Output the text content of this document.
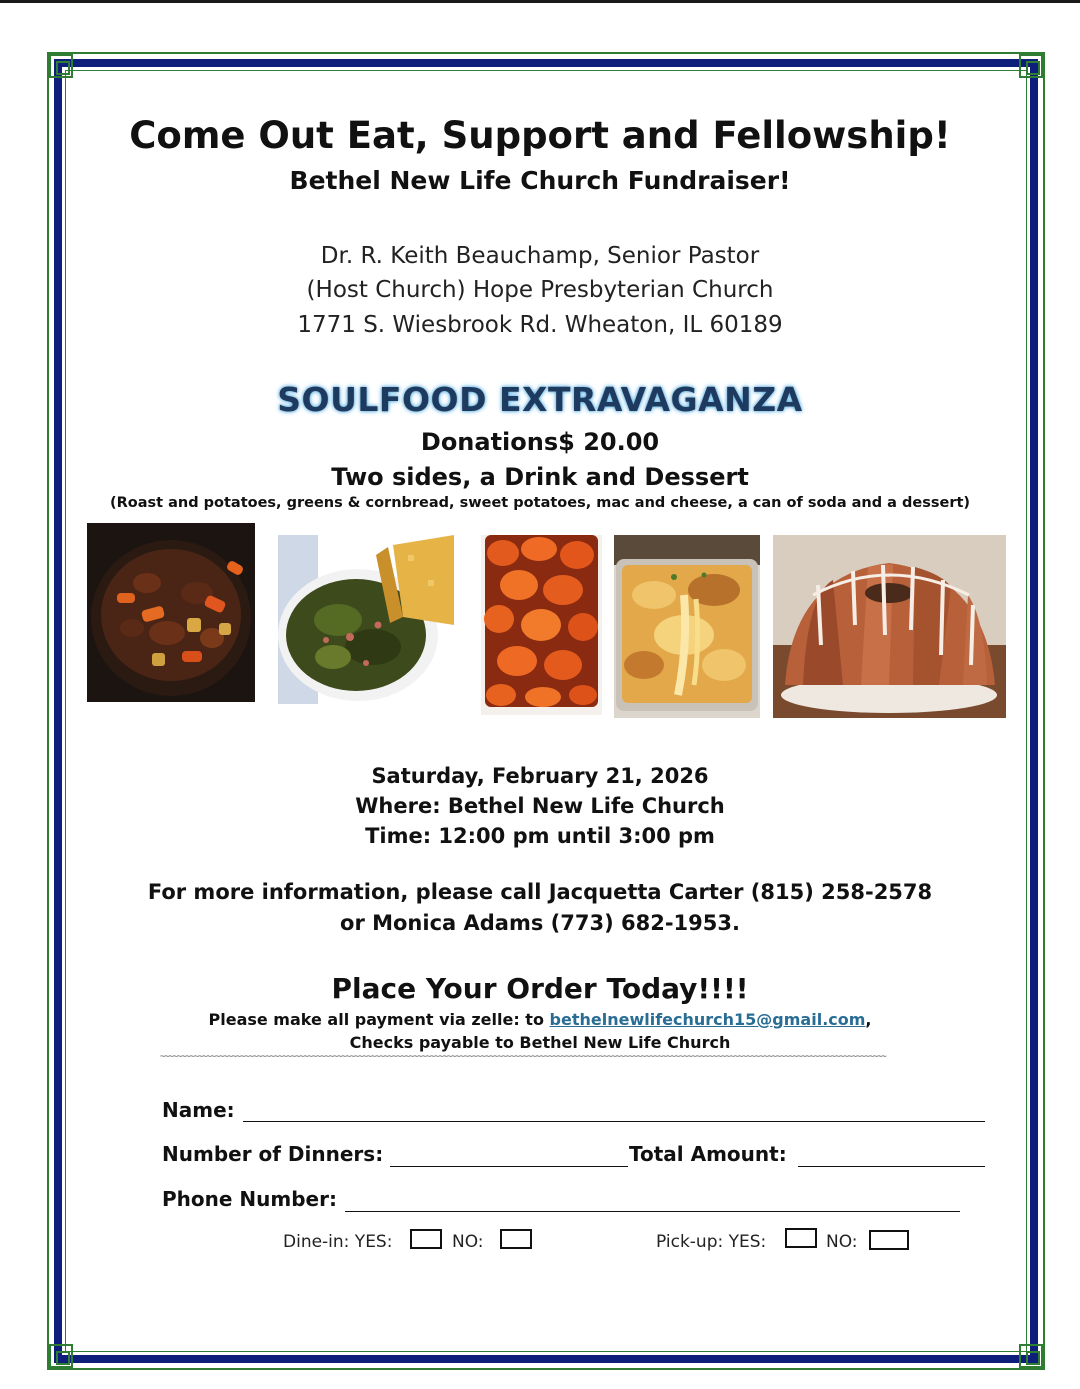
Come Out Eat, Support and Fellowship!
Bethel New Life Church Fundraiser!
Dr. R. Keith Beauchamp, Senior Pastor
(Host Church) Hope Presbyterian Church
1771 S. Wiesbrook Rd. Wheaton, IL 60189
SOULFOOD EXTRAVAGANZA
Donations$ 20.00
Two sides, a Drink and Dessert
(Roast and potatoes, greens & cornbread, sweet potatoes, mac and cheese, a can of soda and a dessert)
Saturday, February 21, 2026
Where: Bethel New Life Church
Time: 12:00 pm until 3:00 pm
For more information, please call Jacquetta Carter (815) 258-2578
or Monica Adams (773) 682-1953.
Place Your Order Today!!!!
Please make all payment via zelle: to bethelnewlifechurch15@gmail.com,
Checks payable to Bethel New Life Church
~~~~~~~~~~~~~~~~~~~~~~~~~~~~~~~~~~~~~~~~~~~~~~~~~~~~~~~~~~~~~~~~~~~~~~~~~~~~~~~~~~~~~~~~~~~~~~~~~~~~~~~~~~~~~~~~~~~~~~~~~~~~~~~~~~~~~~~~~~~~~~~~~~~~~~~~~~~~~~~~~~~~~~~~~~~~
Name:
Number of Dinners:	Total Amount:
Phone Number:
Dine-in: YES:	NO:	Pick-up: YES:	NO:
